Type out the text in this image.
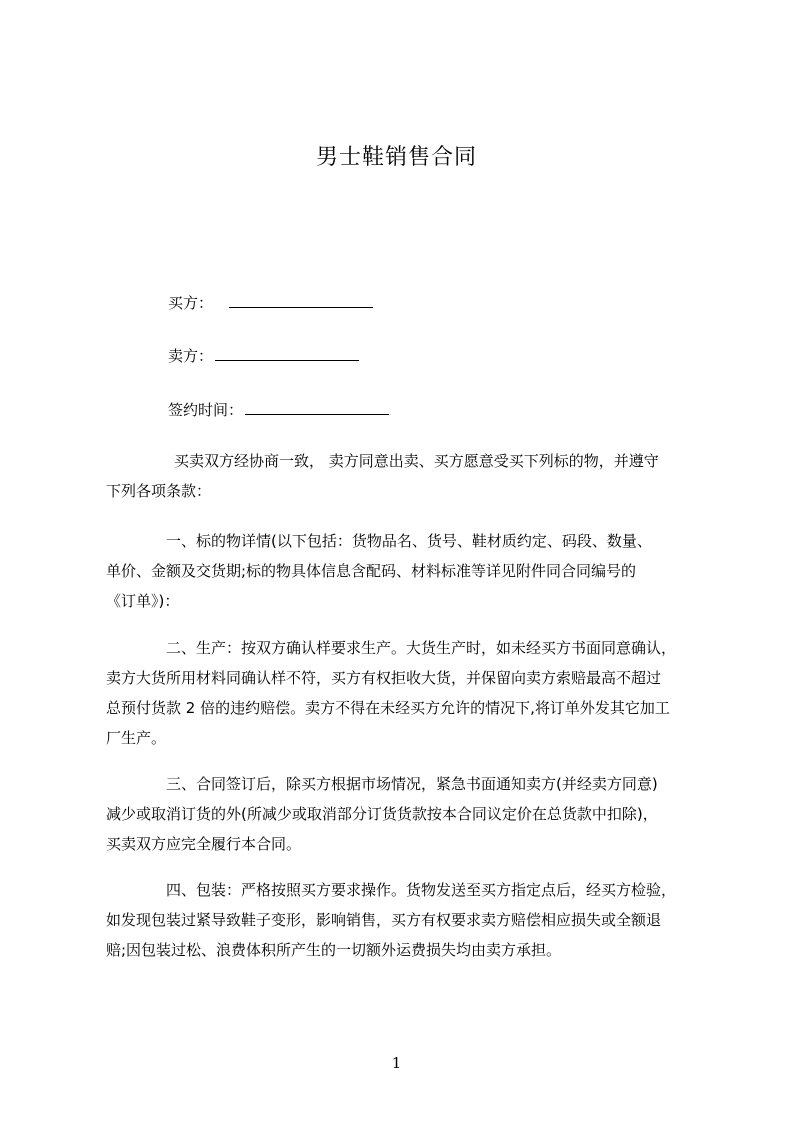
男士鞋销售合同
买方：
卖方：
签约时间：
买卖双方经协商一致， 卖方同意出卖、买方愿意受买下列标的物，并遵守
下列各项条款：
一、标的物详情(以下包括：货物品名、货号、鞋材质约定、码段、数量、
单价、金额及交货期;标的物具体信息含配码、材料标准等详见附件同合同编号的
《订单》)：
二、生产：按双方确认样要求生产。大货生产时，如未经买方书面同意确认，
卖方大货所用材料同确认样不符，买方有权拒收大货，并保留向卖方索赔最高不超过
总预付货款 2 倍的违约赔偿。卖方不得在未经买方允许的情况下,将订单外发其它加工
厂生产。
三、合同签订后，除买方根据市场情况，紧急书面通知卖方(并经卖方同意)
减少或取消订货的外(所减少或取消部分订货货款按本合同议定价在总货款中扣除)，
买卖双方应完全履行本合同。
四、包装：严格按照买方要求操作。货物发送至买方指定点后，经买方检验，
如发现包装过紧导致鞋子变形，影响销售，买方有权要求卖方赔偿相应损失或全额退
赔;因包装过松、浪费体积所产生的一切额外运费损失均由卖方承担。
1
